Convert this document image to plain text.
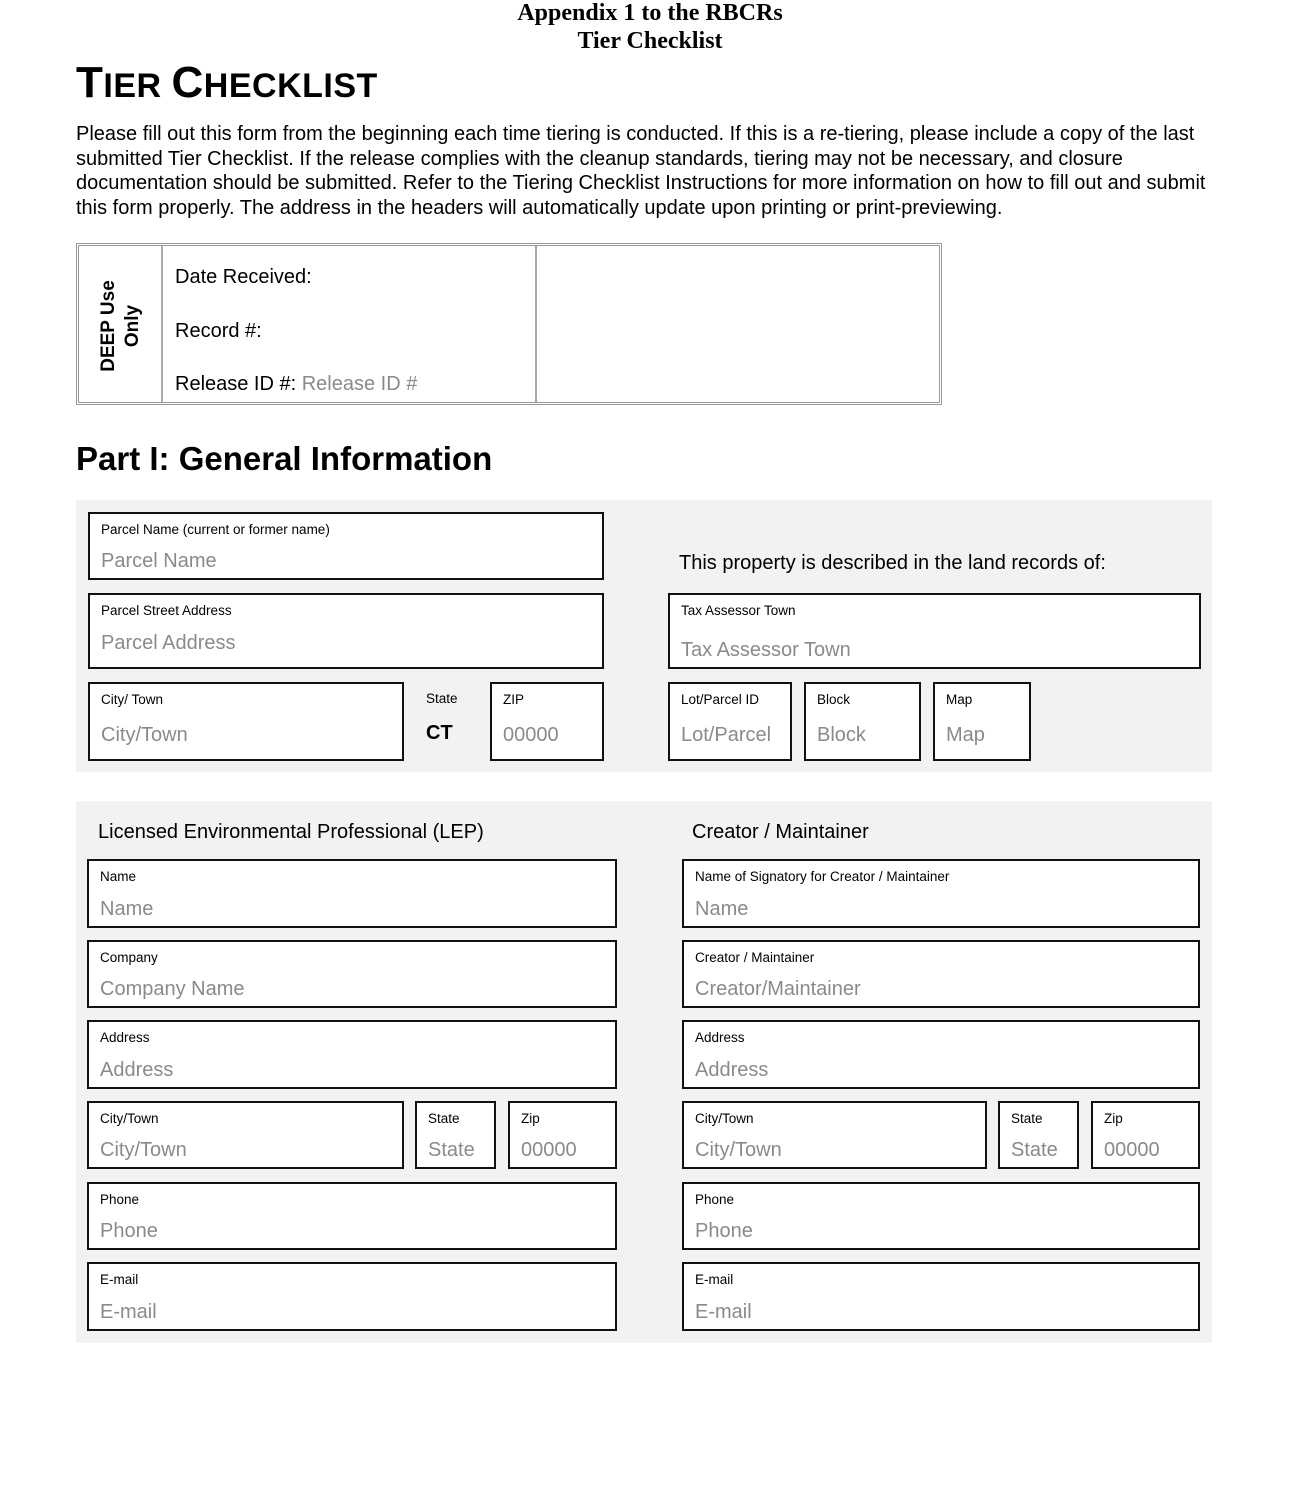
Appendix 1 to the RBCRs
Tier Checklist
TIER CHECKLIST
Please fill out this form from the beginning each time tiering is conducted. If this is a re-tiering, please include a copy of the last submitted Tier Checklist. If the release complies with the cleanup standards, tiering may not be necessary, and closure documentation should be submitted. Refer to the Tiering Checklist Instructions for more information on how to fill out and submit this form properly. The address in the headers will automatically update upon printing or print-previewing.
DEEP Use Only
Date Received:
Record #:
Release ID #: Release ID #
Part I: General Information
Parcel Name (current or former name)
Parcel Name
Parcel Street Address
Parcel Address
City/ Town
City/Town
State
CT
ZIP
00000
This property is described in the land records of:
Tax Assessor Town
Tax Assessor Town
Lot/Parcel ID
Lot/Parcel
Block
Block
Map
Map
Licensed Environmental Professional (LEP)	Creator / Maintainer
Name
Name
Company
Company Name
Address
Address
City/Town
City/Town
State
State
Zip
00000
Phone
Phone
E-mail
E-mail
Name of Signatory for Creator / Maintainer
Name
Creator / Maintainer
Creator/Maintainer
Address
Address
City/Town
City/Town
State
State
Zip
00000
Phone
Phone
E-mail
E-mail
